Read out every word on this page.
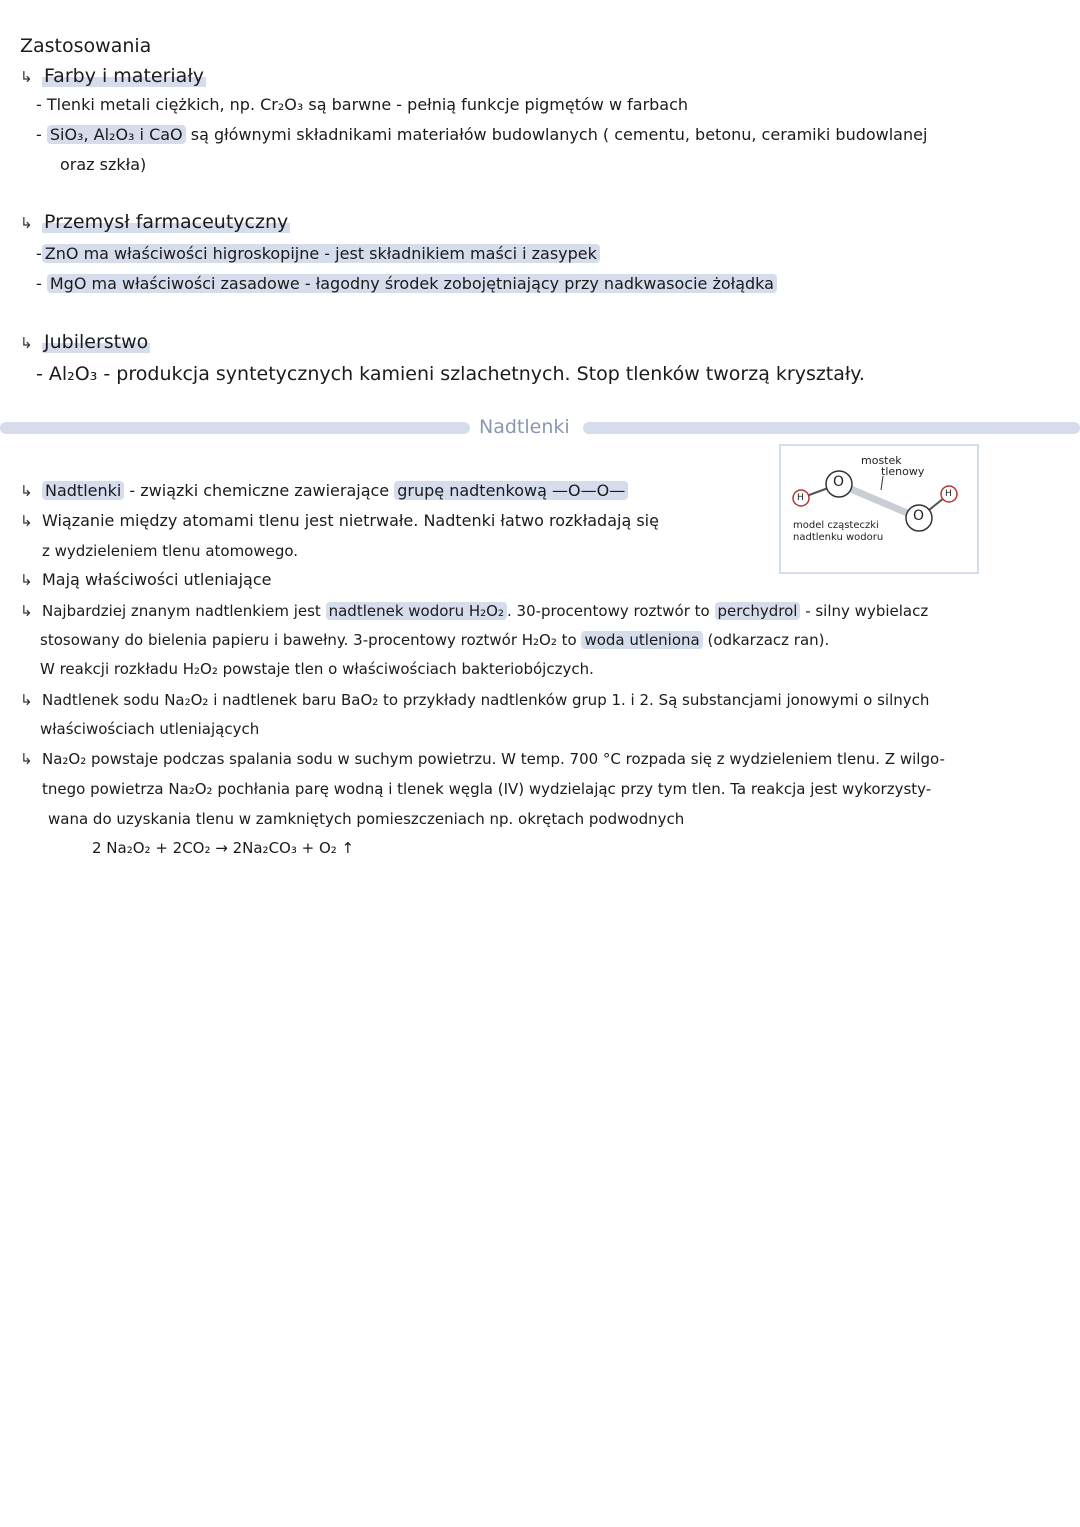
Zastosowania
↳ Farby i materiały
- Tlenki metali ciężkich, np. Cr₂O₃ są barwne - pełnią funkcje pigmętów w farbach
- SiO₃, Al₂O₃ i CaO są głównymi składnikami materiałów budowlanych ( cementu, betonu, ceramiki budowlanej
oraz szkła)
↳ Przemysł farmaceutyczny
- ZnO ma właściwości higroskopijne - jest składnikiem maści i zasypek
- MgO ma właściwości zasadowe - łagodny środek zobojętniający przy nadkwasocie żołądka
↳ Jubilerstwo
- Al₂O₃ - produkcja syntetycznych kamieni szlachetnych. Stop tlenków tworzą kryształy.
Nadtlenki
O
O
H	H
mostek
tlenowy
model cząsteczki
nadtlenku wodoru
↳ Nadtlenki - związki chemiczne zawierające grupę nadtenkową —O—O—
↳ Wiązanie między atomami tlenu jest nietrwałe. Nadtenki łatwo rozkładają się
z wydzieleniem tlenu atomowego.
↳ Mają właściwości utleniające
↳ Najbardziej znanym nadtlenkiem jest nadtlenek wodoru H₂O₂ . 30-procentowy roztwór to perchydrol - silny wybielacz
stosowany do bielenia papieru i bawełny. 3-procentowy roztwór H₂O₂ to woda utleniona (odkarzacz ran).
W reakcji rozkładu H₂O₂ powstaje tlen o właściwościach bakteriobójczych.
↳ Nadtlenek sodu Na₂O₂ i nadtlenek baru BaO₂ to przykłady nadtlenków grup 1. i 2. Są substancjami jonowymi o silnych
właściwościach utleniających
↳ Na₂O₂ powstaje podczas spalania sodu w suchym powietrzu. W temp. 700 °C rozpada się z wydzieleniem tlenu. Z wilgo-
tnego powietrza Na₂O₂ pochłania parę wodną i tlenek węgla (IV) wydzielając przy tym tlen. Ta reakcja jest wykorzysty-
wana do uzyskania tlenu w zamkniętych pomieszczeniach np. okrętach podwodnych
2 Na₂O₂ + 2CO₂ → 2Na₂CO₃ + O₂ ↑
